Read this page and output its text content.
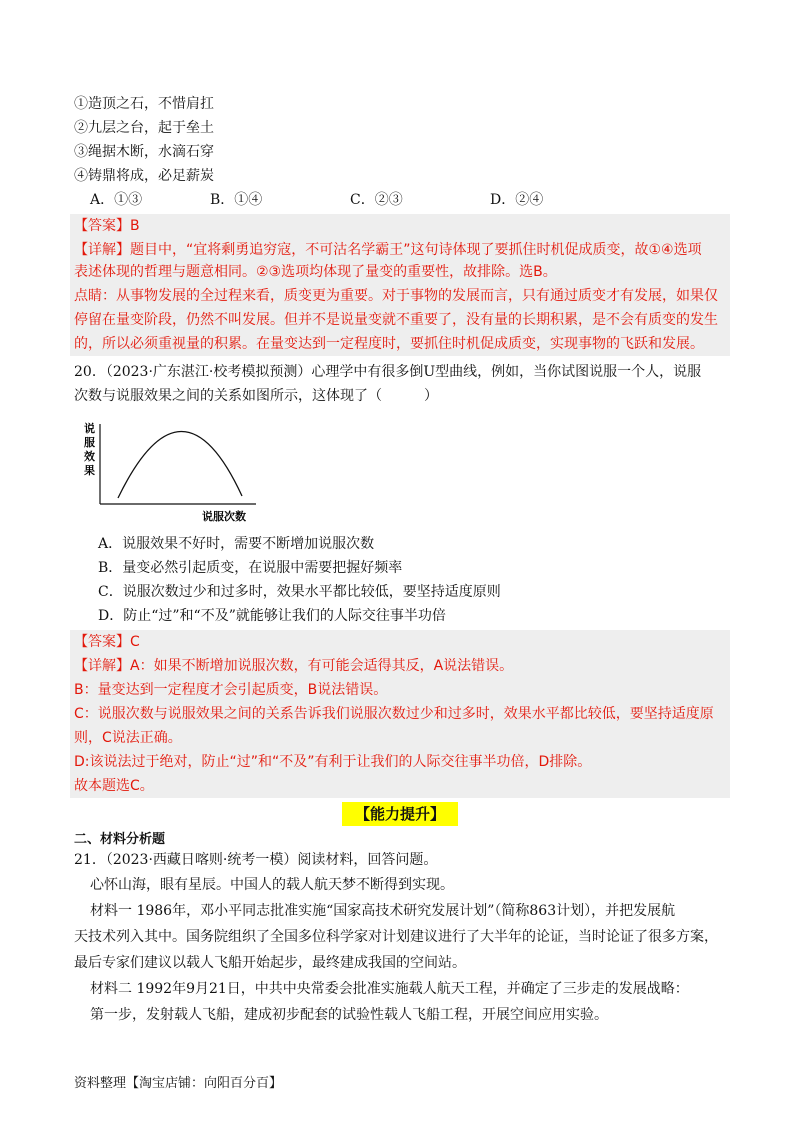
①造顶之石，不惜肩扛
②九层之台，起于垒土
③绳据木断，水滴石穿
④铸鼎将成，必足薪炭
A．①③	B．①④	C．②③	D．②④
【答案】B
【详解】题目中，“宜将剩勇追穷寇，不可沽名学霸王”这句诗体现了要抓住时机促成质变，故①④选项
表述体现的哲理与题意相同。②③选项均体现了量变的重要性，故排除。选B。
点睛：从事物发展的全过程来看，质变更为重要。对于事物的发展而言，只有通过质变才有发展，如果仅
停留在量变阶段，仍然不叫发展。但并不是说量变就不重要了，没有量的长期积累，是不会有质变的发生
的，所以必须重视量的积累。在量变达到一定程度时，要抓住时机促成质变，实现事物的飞跃和发展。
20．（2023·广东湛江·校考模拟预测）心理学中有很多倒U型曲线，例如，当你试图说服一个人，说服
次数与说服效果之间的关系如图所示，这体现了（　　　）
说
服
效
果
说服次数
A．说服效果不好时，需要不断增加说服次数
B．量变必然引起质变，在说服中需要把握好频率
C．说服次数过少和过多时，效果水平都比较低，要坚持适度原则
D．防止“过”和“不及”就能够让我们的人际交往事半功倍
【答案】C
【详解】A：如果不断增加说服次数，有可能会适得其反，A说法错误。
B：量变达到一定程度才会引起质变，B说法错误。
C：说服次数与说服效果之间的关系告诉我们说服次数过少和过多时，效果水平都比较低，要坚持适度原
则，C说法正确。
D:该说法过于绝对，防止“过”和“不及”有利于让我们的人际交往事半功倍，D排除。
故本题选C。
【能力提升】
二、材料分析题
21．（2023·西藏日喀则·统考一模）阅读材料，回答问题。
心怀山海，眼有星辰。中国人的载人航天梦不断得到实现。
材料一 1986年，邓小平同志批准实施“国家高技术研究发展计划”（简称863计划），并把发展航
天技术列入其中。国务院组织了全国多位科学家对计划建议进行了大半年的论证，当时论证了很多方案，
最后专家们建议以载人飞船开始起步，最终建成我国的空间站。
材料二 1992年9月21日，中共中央常委会批准实施载人航天工程，并确定了三步走的发展战略：
第一步，发射载人飞船，建成初步配套的试验性载人飞船工程，开展空间应用实验。
资料整理【淘宝店铺：向阳百分百】
